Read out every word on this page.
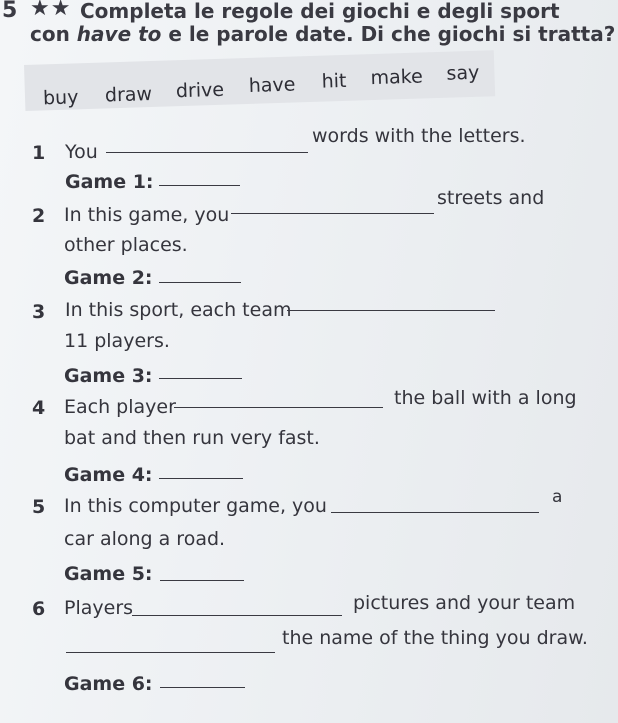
5 ★★ Completa le regole dei giochi e degli sport
con have to e le parole date. Di che giochi si tratta?
buy draw drive have hit make say
1 You
words with the letters.
Game 1:
2 In this game, you
streets and
other places.
Game 2:
3 In this sport, each team
11 players.
Game 3:
4 Each player	the ball with a long
bat and then run very fast.
Game 4:
5 In this computer game, you	a
car along a road.
Game 5:
6 Players	pictures and your team
the name of the thing you draw.
Game 6:
